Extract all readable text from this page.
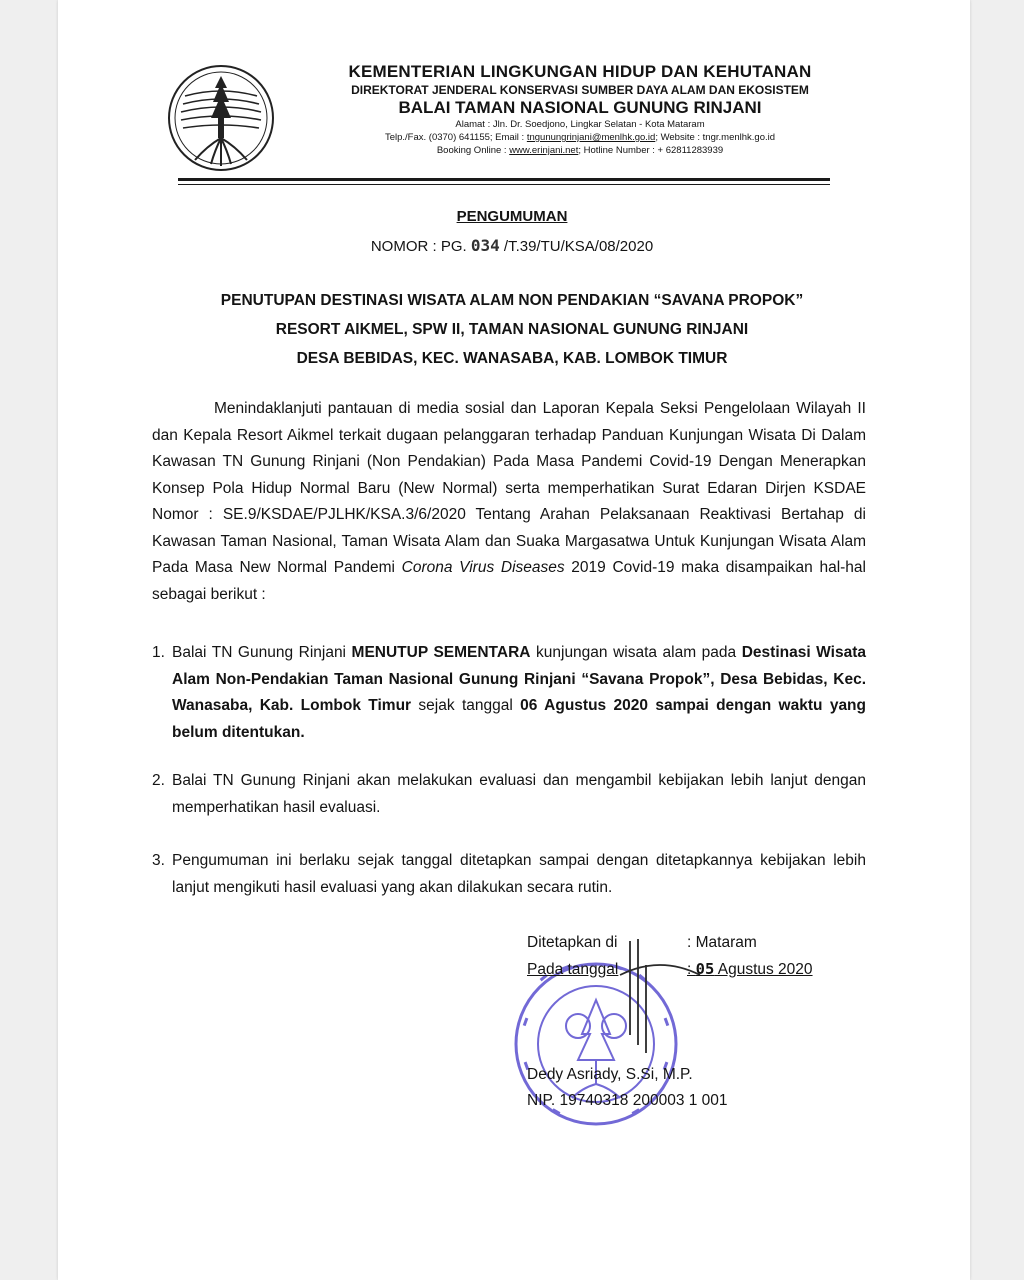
KEMENTERIAN LINGKUNGAN HIDUP DAN KEHUTANAN
DIREKTORAT JENDERAL KONSERVASI SUMBER DAYA ALAM DAN EKOSISTEM
BALAI TAMAN NASIONAL GUNUNG RINJANI
Alamat : Jln. Dr. Soedjono, Lingkar Selatan - Kota Mataram
Telp./Fax. (0370) 641155; Email : tngunungrinjani@menlhk.go.id; Website : tngr.menlhk.go.id
Booking Online : www.erinjani.net; Hotline Number : + 62811283939
PENGUMUMAN
NOMOR : PG. 034 /T.39/TU/KSA/08/2020
PENUTUPAN DESTINASI WISATA ALAM NON PENDAKIAN “SAVANA PROPOK”
RESORT AIKMEL, SPW II, TAMAN NASIONAL GUNUNG RINJANI
DESA BEBIDAS, KEC. WANASABA, KAB. LOMBOK TIMUR
Menindaklanjuti pantauan di media sosial dan Laporan Kepala Seksi Pengelolaan Wilayah II dan Kepala Resort Aikmel terkait dugaan pelanggaran terhadap Panduan Kunjungan Wisata Di Dalam Kawasan TN Gunung Rinjani (Non Pendakian) Pada Masa Pandemi Covid-19 Dengan Menerapkan Konsep Pola Hidup Normal Baru (New Normal) serta memperhatikan Surat Edaran Dirjen KSDAE Nomor : SE.9/KSDAE/PJLHK/KSA.3/6/2020 Tentang Arahan Pelaksanaan Reaktivasi Bertahap di Kawasan Taman Nasional, Taman Wisata Alam dan Suaka Margasatwa Untuk Kunjungan Wisata Alam Pada Masa New Normal Pandemi Corona Virus Diseases 2019 Covid-19 maka disampaikan hal-hal sebagai berikut :
1. Balai TN Gunung Rinjani MENUTUP SEMENTARA kunjungan wisata alam pada Destinasi Wisata Alam Non-Pendakian Taman Nasional Gunung Rinjani “Savana Propok”, Desa Bebidas, Kec. Wanasaba, Kab. Lombok Timur sejak tanggal 06 Agustus 2020 sampai dengan waktu yang belum ditentukan.
2. Balai TN Gunung Rinjani akan melakukan evaluasi dan mengambil kebijakan lebih lanjut dengan memperhatikan hasil evaluasi.
3. Pengumuman ini berlaku sejak tanggal ditetapkan sampai dengan ditetapkannya kebijakan lebih lanjut mengikuti hasil evaluasi yang akan dilakukan secara rutin.
Ditetapkan di	: Mataram
Pada tanggal	: 05 Agustus 2020
Dedy Asriady, S.Si, M.P.
NIP. 19740318 200003 1 001
